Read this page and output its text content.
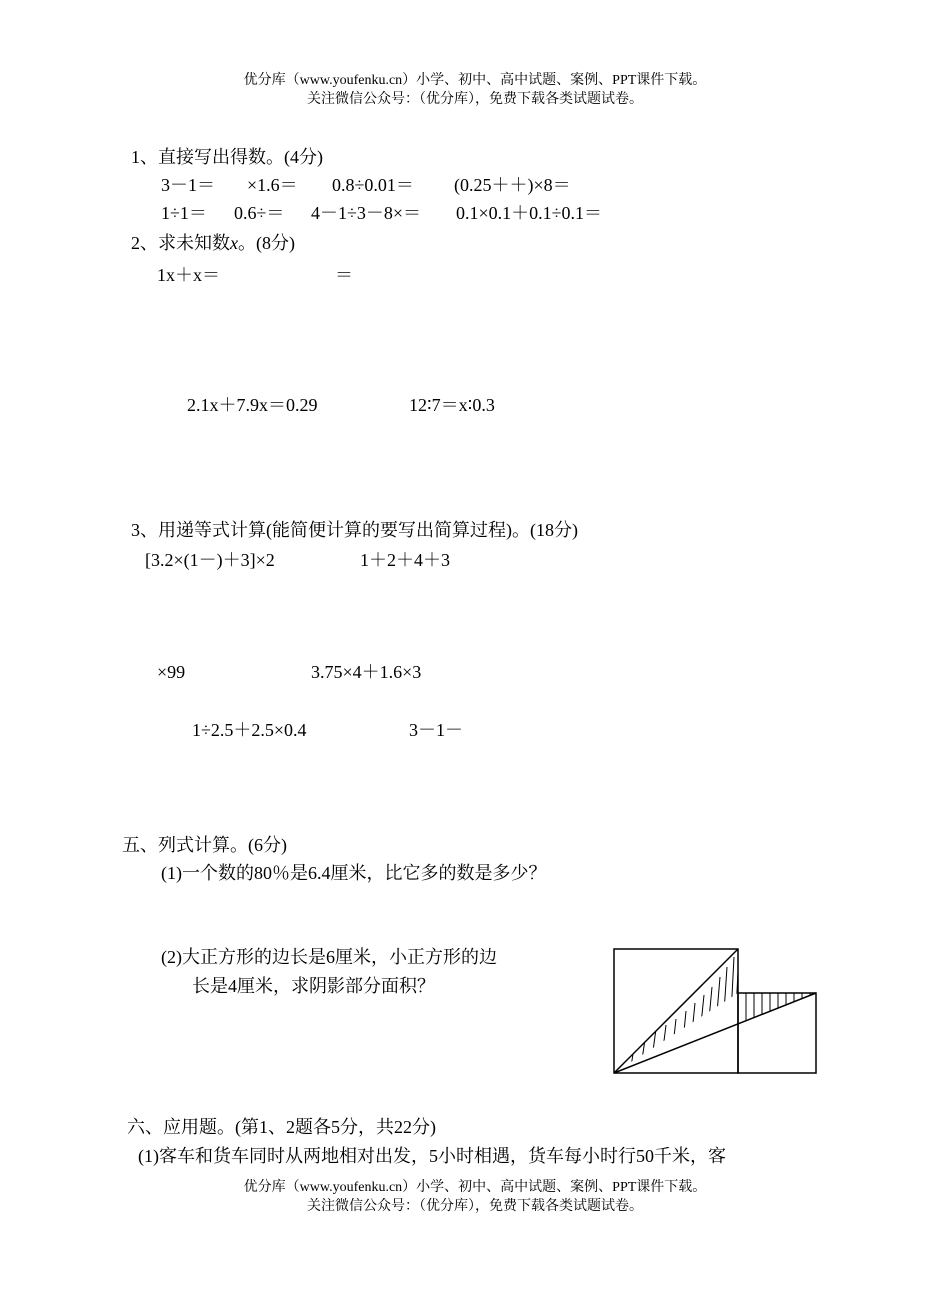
优分库（www.youfenku.cn）小学、初中、高中试题、案例、PPT课件下载。
关注微信公众号：（优分库），免费下载各类试题试卷。
1、直接写出得数。(4分)
3－1＝ ×1.6＝ 0.8÷0.01＝ (0.25＋＋)×8＝
1÷1＝ 0.6÷＝ 4－1÷3－8×＝ 0.1×0.1＋0.1÷0.1＝
2、求未知数x。(8分)
1x＋x＝	＝
2.1x＋7.9x＝0.29	12∶7＝x∶0.3
3、用递等式计算(能简便计算的要写出简算过程)。(18分)
[3.2×(1－)＋3]×2	1＋2＋4＋3
×99	3.75×4＋1.6×3
1÷2.5＋2.5×0.4	3－1－
五、列式计算。(6分)
(1)一个数的80％是6.4厘米，比它多的数是多少？
(2)大正方形的边长是6厘米，小正方形的边
长是4厘米，求阴影部分面积？
六、应用题。(第1、2题各5分，共22分)
(1)客车和货车同时从两地相对出发，5小时相遇，货车每小时行50千米，客
优分库（www.youfenku.cn）小学、初中、高中试题、案例、PPT课件下载。
关注微信公众号：（优分库），免费下载各类试题试卷。
